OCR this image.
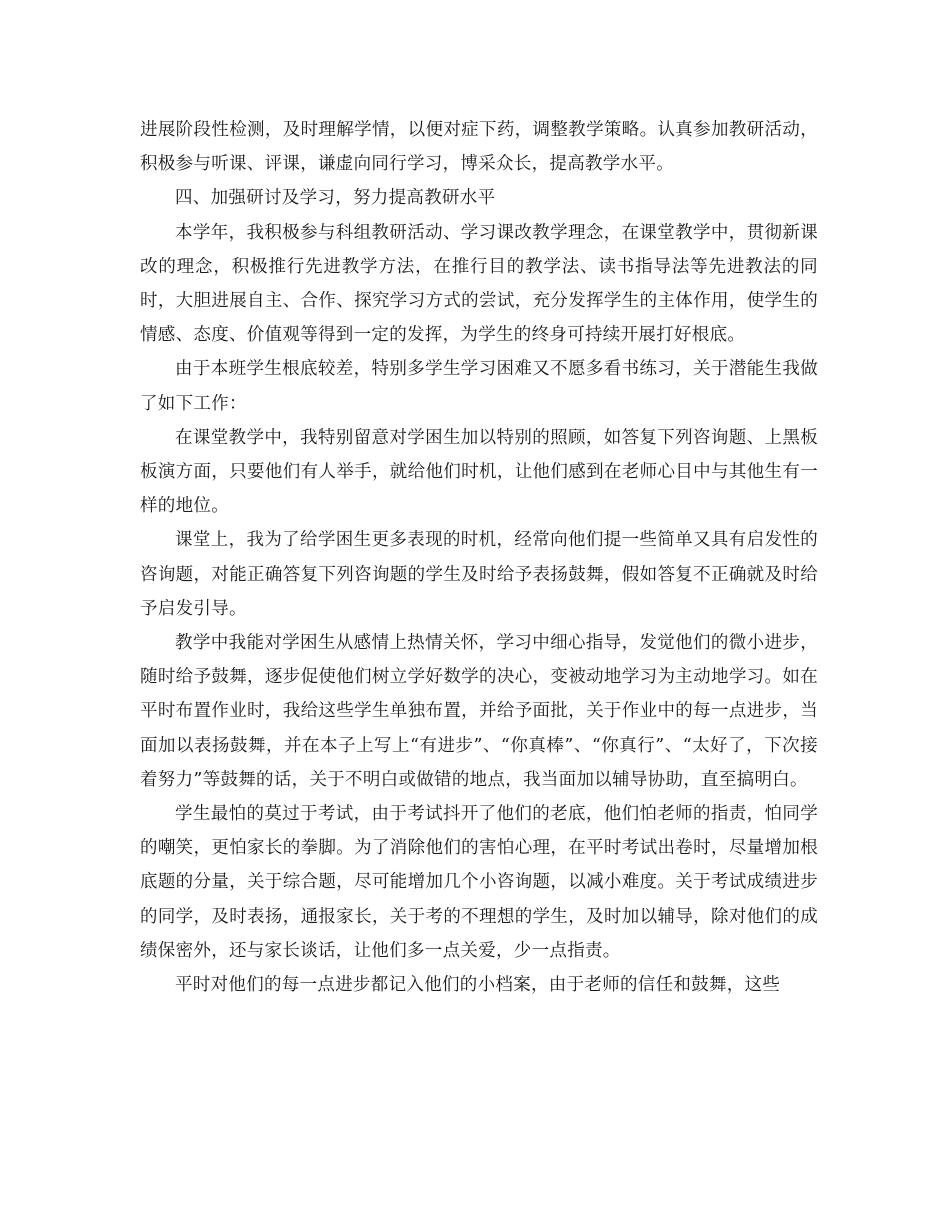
进展阶段性检测，及时理解学情，以便对症下药，调整教学策略。认真参加教研活动，积极参与听课、评课，谦虚向同行学习，博采众长，提高教学水平。

四、加强研讨及学习，努力提高教研水平

本学年，我积极参与科组教研活动、学习课改教学理念，在课堂教学中，贯彻新课改的理念，积极推行先进教学方法，在推行目的教学法、读书指导法等先进教法的同时，大胆进展自主、合作、探究学习方式的尝试，充分发挥学生的主体作用，使学生的情感、态度、价值观等得到一定的发挥，为学生的终身可持续开展打好根底。

由于本班学生根底较差，特别多学生学习困难又不愿多看书练习，关于潜能生我做了如下工作：

在课堂教学中，我特别留意对学困生加以特别的照顾，如答复下列咨询题、上黑板板演方面，只要他们有人举手，就给他们时机，让他们感到在老师心目中与其他生有一样的地位。

课堂上，我为了给学困生更多表现的时机，经常向他们提一些简单又具有启发性的咨询题，对能正确答复下列咨询题的学生及时给予表扬鼓舞，假如答复不正确就及时给予启发引导。

教学中我能对学困生从感情上热情关怀，学习中细心指导，发觉他们的微小进步，随时给予鼓舞，逐步促使他们树立学好数学的决心，变被动地学习为主动地学习。如在平时布置作业时，我给这些学生单独布置，并给予面批，关于作业中的每一点进步，当面加以表扬鼓舞，并在本子上写上“有进步”、“你真棒”、“你真行”、“太好了，下次接着努力”等鼓舞的话，关于不明白或做错的地点，我当面加以辅导协助，直至搞明白。

学生最怕的莫过于考试，由于考试抖开了他们的老底，他们怕老师的指责，怕同学的嘲笑，更怕家长的拳脚。为了消除他们的害怕心理，在平时考试出卷时，尽量增加根底题的分量，关于综合题，尽可能增加几个小咨询题，以减小难度。关于考试成绩进步的同学，及时表扬，通报家长，关于考的不理想的学生，及时加以辅导，除对他们的成绩保密外，还与家长谈话，让他们多一点关爱，少一点指责。

平时对他们的每一点进步都记入他们的小档案，由于老师的信任和鼓舞，这些
